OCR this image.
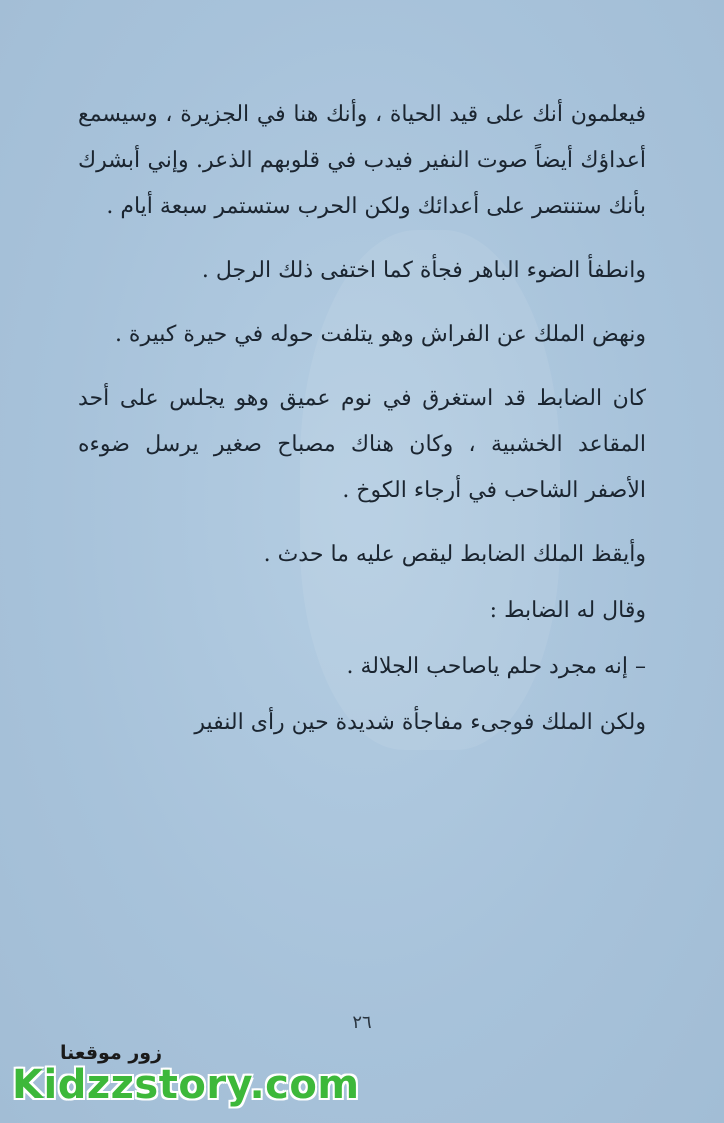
فيعلمون أنك على قيد الحياة ، وأنك هنا في الجزيرة ، وسيسمع أعداؤك أيضاً صوت النفير فيدب في قلوبهم الذعر. وإني أبشرك بأنك ستنتصر على أعدائك ولكن الحرب ستستمر سبعة أيام .

وانطفأ الضوء الباهر فجأة كما اختفى ذلك الرجل .

ونهض الملك عن الفراش وهو يتلفت حوله في حيرة كبيرة .

كان الضابط قد استغرق في نوم عميق وهو يجلس على أحد المقاعد الخشبية ، وكان هناك مصباح صغير يرسل ضوءه الأصفر الشاحب في أرجاء الكوخ .

وأيقظ الملك الضابط ليقص عليه ما حدث .

وقال له الضابط :

– إنه مجرد حلم ياصاحب الجلالة .

ولكن الملك فوجىء مفاجأة شديدة حين رأى النفير

٢٦
زور موقعنا
Kidzzstory.com
